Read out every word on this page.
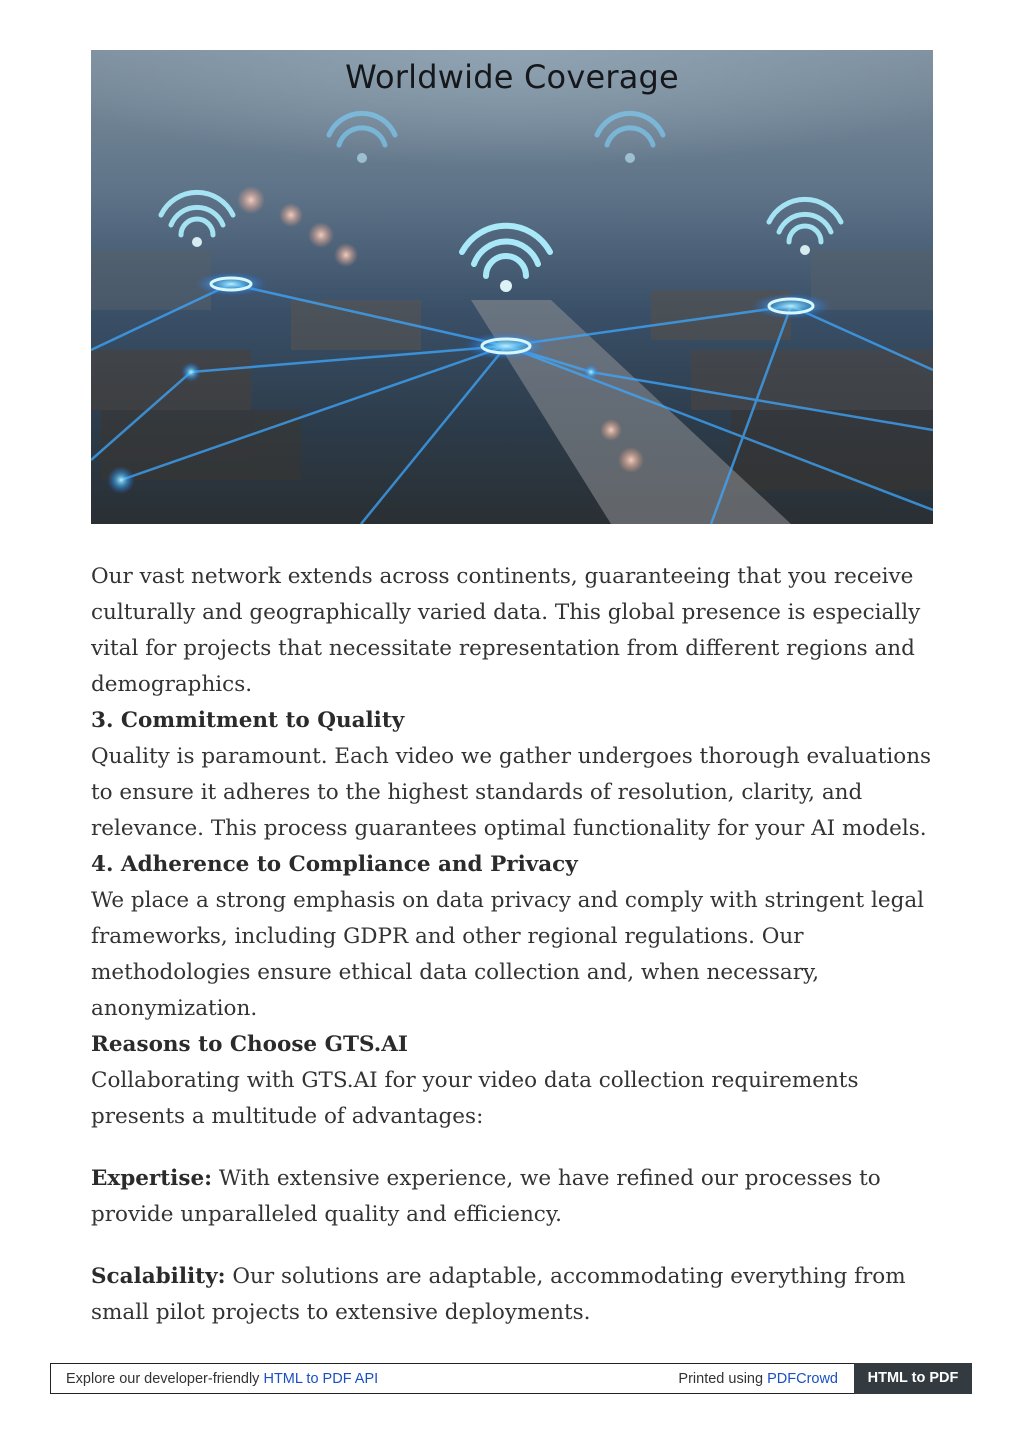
Worldwide Coverage

Our vast network extends across continents, guaranteeing that you receive culturally and geographically varied data. This global presence is especially vital for projects that necessitate representation from different regions and demographics.

3. Commitment to Quality

Quality is paramount. Each video we gather undergoes thorough evaluations to ensure it adheres to the highest standards of resolution, clarity, and relevance. This process guarantees optimal functionality for your AI models.

4. Adherence to Compliance and Privacy

We place a strong emphasis on data privacy and comply with stringent legal frameworks, including GDPR and other regional regulations. Our methodologies ensure ethical data collection and, when necessary, anonymization.

Reasons to Choose GTS.AI

Collaborating with GTS.AI for your video data collection requirements presents a multitude of advantages:

Expertise: With extensive experience, we have refined our processes to provide unparalleled quality and efficiency.

Scalability: Our solutions are adaptable, accommodating everything from small pilot projects to extensive deployments.

Explore our developer-friendly HTML to PDF API	Printed using PDFCrowd	HTML to PDF
